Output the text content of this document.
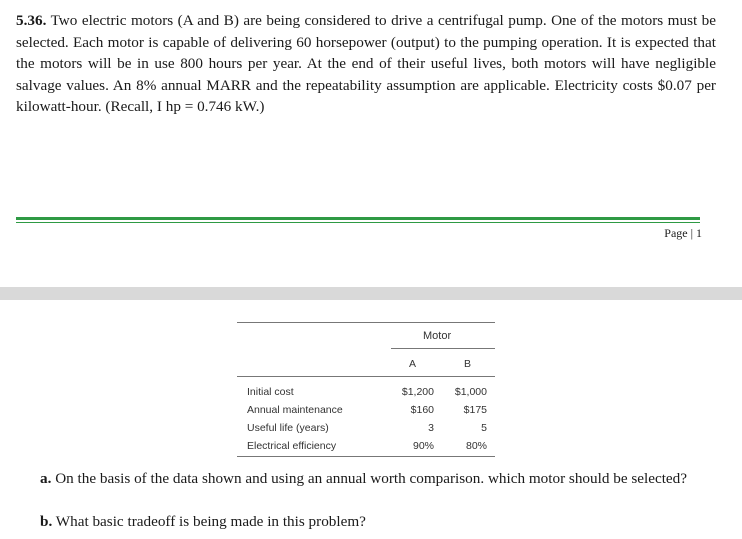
5.36. Two electric motors (A and B) are being considered to drive a centrifugal pump. One of the motors must be selected. Each motor is capable of delivering 60 horsepower (output) to the pumping operation. It is expected that the motors will be in use 800 hours per year. At the end of their useful lives, both motors will have negligible salvage values. An 8% annual MARR and the repeatability assumption are applicable. Electricity costs $0.07 per kilowatt-hour. (Recall, I hp = 0.746 kW.)
Page | 1
Motor
A	B
Initial cost	$1,200	$1,000
Annual maintenance	$160	$175
Useful life (years)	3	5
Electrical efficiency	90%	80%
a. On the basis of the data shown and using an annual worth comparison. which motor should be selected?
b. What basic tradeoff is being made in this problem?
